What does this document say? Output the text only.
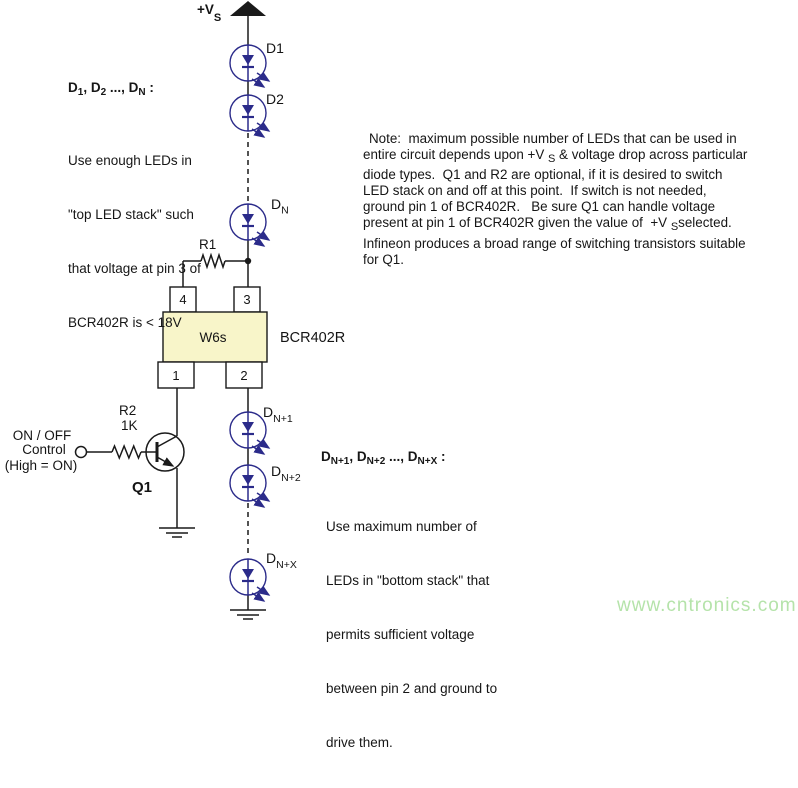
$+V_S$
R1
D1
D2
$D_N$
4	3
1	2
W6s	BCR402R
R2
1K
ON / OFF
Control
(High = ON)
Q1
$D_{N+1}$
$D_{N+2}$
$D_{N+X}$
$D_1$, $D_2$ ..., $D_N$ :

Use enough LEDs in

"top LED stack" such

that voltage at pin 3 of

BCR402R is < 18V

Note:  maximum possible number of LEDs that can be used in
entire circuit depends upon +V $_S$ & voltage drop across particular
diode types.  Q1 and R2 are optional, if it is desired to switch
LED stack on and off at this point.  If switch is not needed,
ground pin 1 of BCR402R.   Be sure Q1 can handle voltage
present at pin 1 of BCR402R given the value of  +V $_S$selected.
Infineon produces a broad range of switching transistors suitable
for Q1.
$D_{N+1}$, $D_{N+2}$ ..., $D_{N+X}$ :

Use maximum number of

LEDs in "bottom stack" that

permits sufficient voltage

between pin 2 and ground to

drive them.

www.cntronics.com
